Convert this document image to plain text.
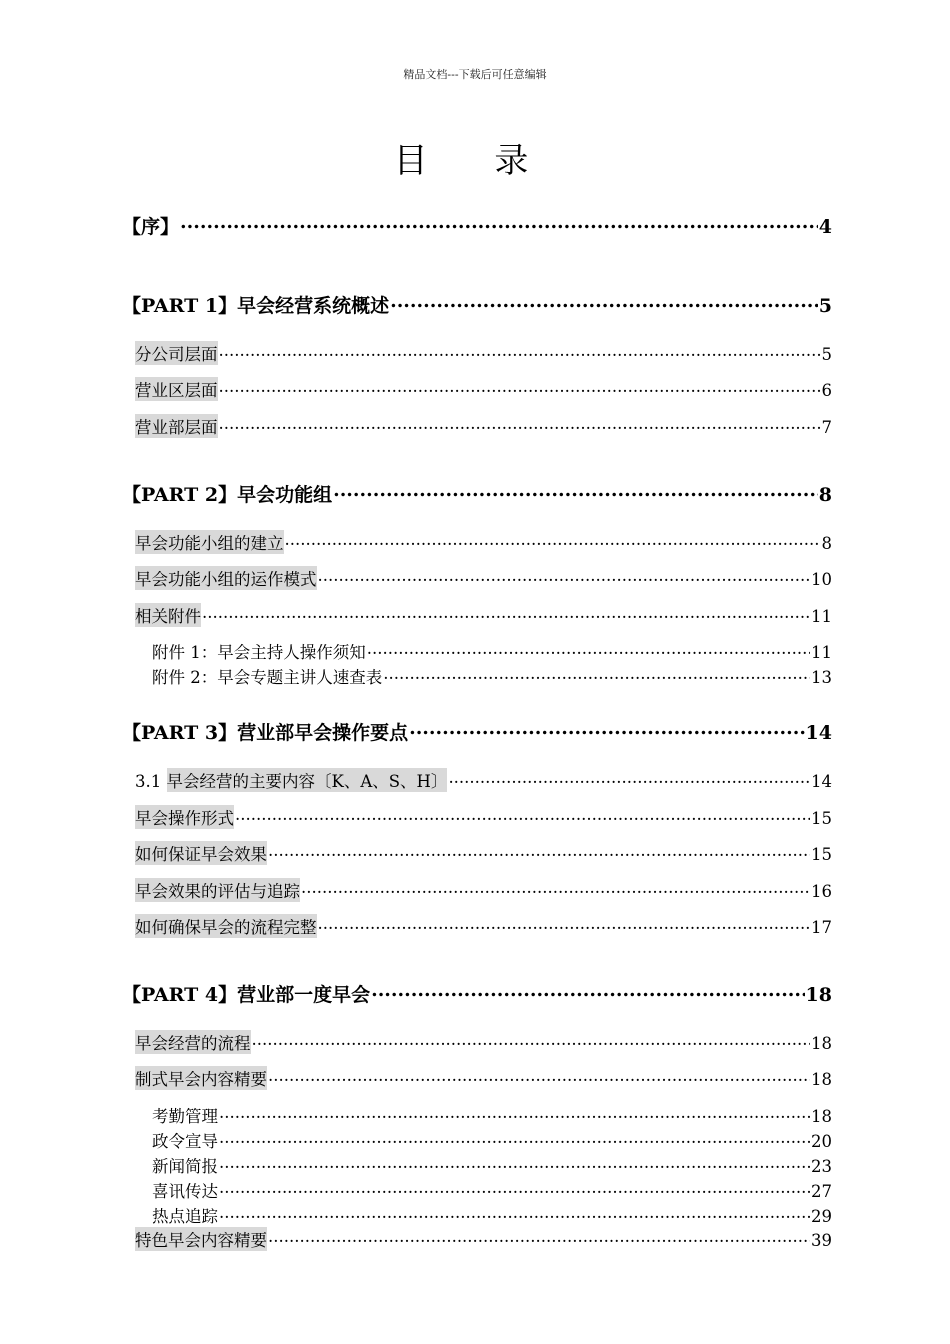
精品文档---下载后可任意编辑
目 录
【序】 .....	4
【PART 1】早会经营系统概述 .....	5
分公司层面 .....	5
营业区层面 .....	6
营业部层面 .....	7
【PART 2】早会功能组 .....	8
早会功能小组的建立 .....	8
早会功能小组的运作模式 .....	10
相关附件 .....	11
附件 1：早会主持人操作须知 .....	11
附件 2：早会专题主讲人速查表 .....	13
【PART 3】营业部早会操作要点 .....	14
3.1 早会经营的主要内容〔K、A、S、H〕 .....	14
早会操作形式 .....	15
如何保证早会效果 .....	15
早会效果的评估与追踪 .....	16
如何确保早会的流程完整 .....	17
【PART 4】营业部一度早会 .....	18
早会经营的流程 .....	18
制式早会内容精要 .....	18
考勤管理 .....	18
政令宣导 .....	20
新闻简报 .....	23
喜讯传达 .....	27
热点追踪 .....	29
特色早会内容精要 .....	39
